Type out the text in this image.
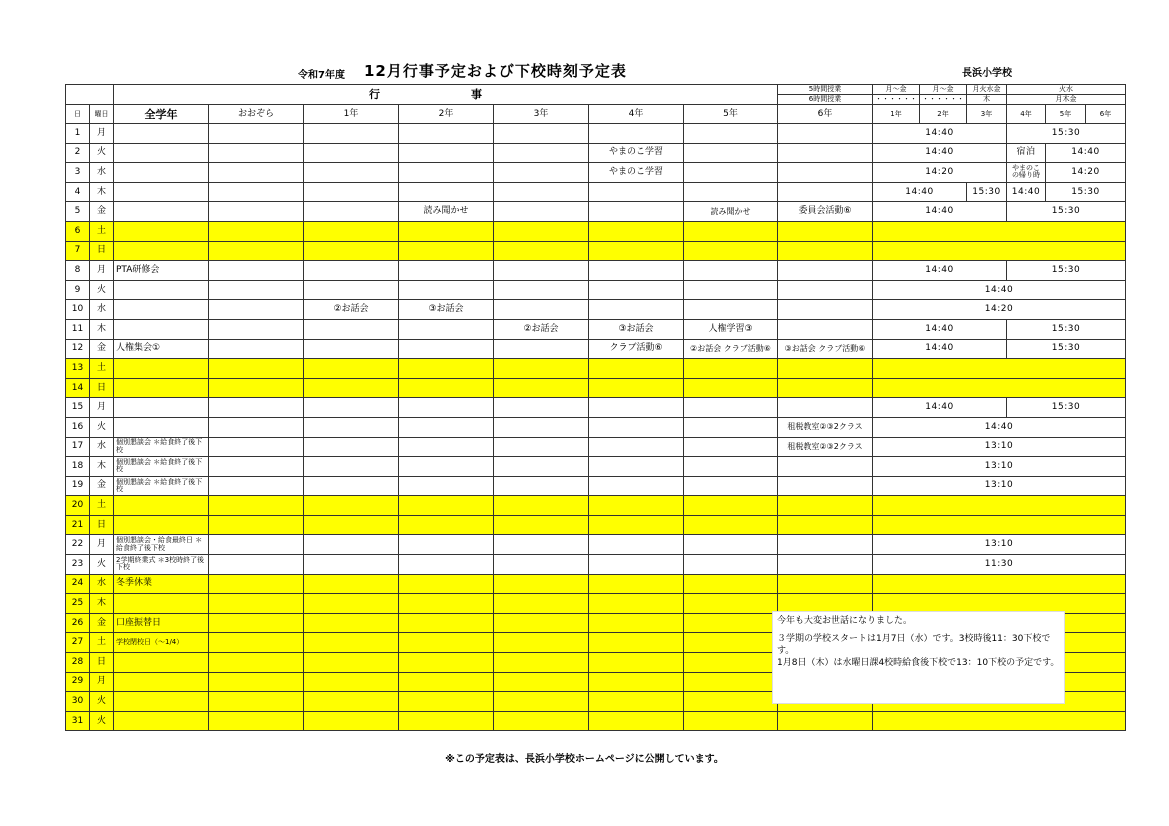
令和7年度 12月行事予定および下校時刻予定表	長浜小学校
		行　事							5時間授業	月～金	月～金	月火水金	火水		
									6時間授業	・・・・・・	・・・・・・	木	月木金		
日	曜日	全学年	おおぞら	1年	2年	3年	4年	5年	6年	1年	2年	3年	4年	5年	6年
1	月									14:40			15:30		
2	火						やまのこ学習			14:40			宿泊	14:40	
3	水						やまのこ学習			14:20			やまのこの帰り時	14:20	
4	木									14:40		15:30	14:40	15:30	
5	金				読み聞かせ			読み聞かせ	委員会活動⑥	14:40			15:30		
6	土														
7	日														
8	月	PTA研修会								14:40			15:30		
9	火									14:40					
10	水			②お話会	③お話会					14:20					
11	木					②お話会	③お話会	人権学習③		14:40			15:30		
12	金	人権集会①					クラブ活動⑥	②お話会 クラブ活動⑥	③お話会 クラブ活動⑥	14:40			15:30		
13	土														
14	日														
15	月									14:40			15:30		
16	火								租税教室②③2クラス	14:40					
17	水	個別懇談会 ＊給食終了後下校							租税教室②③2クラス	13:10					
18	木	個別懇談会 ＊給食終了後下校								13:10					
19	金	個別懇談会 ＊給食終了後下校								13:10					
20	土														
21	日														
22	月	個別懇談会・給食最終日 ＊給食終了後下校								13:10					
23	火	2学期終業式 ＊3校時終了後下校								11:30					
24	水	冬季休業													
25	木														
26	金	口座振替日													
27	土	学校閉校日（～1/4）													
28	日														
29	月														
30	火														
31	火														

今年も大変お世話になりました。

３学期の学校スタートは1月7日（水）です。3校時後11：30下校です。

1月8日（木）は水曜日課4校時給食後下校で13：10下校の予定です。

※この予定表は、長浜小学校ホームページに公開しています。
